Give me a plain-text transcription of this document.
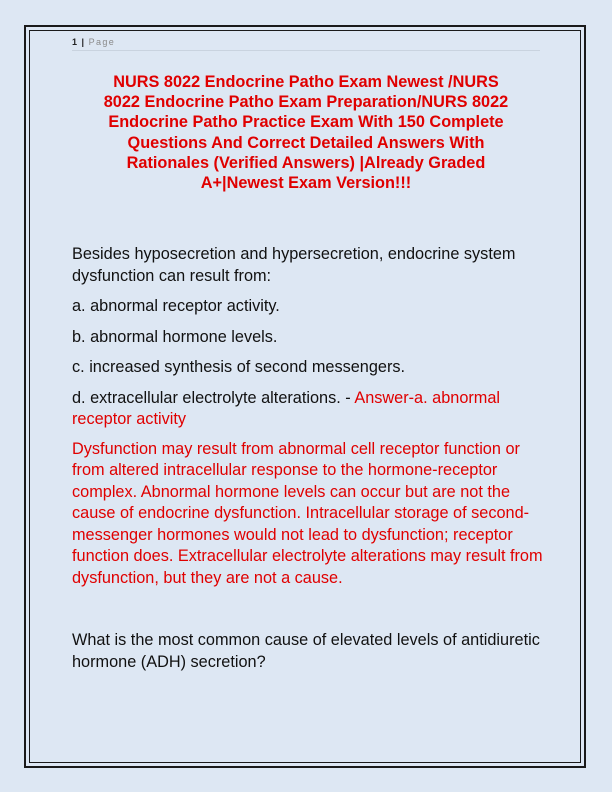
1 | Page
NURS 8022 Endocrine Patho Exam Newest /NURS
8022 Endocrine Patho Exam Preparation/NURS 8022
Endocrine Patho Practice Exam With 150 Complete
Questions And Correct Detailed Answers With
Rationales (Verified Answers) |Already Graded
A+|Newest Exam Version!!!

Besides hyposecretion and hypersecretion, endocrine system dysfunction can result from:

a. abnormal receptor activity.

b. abnormal hormone levels.

c. increased synthesis of second messengers.

d. extracellular electrolyte alterations. - Answer-a. abnormal receptor activity

Dysfunction may result from abnormal cell receptor function or from altered intracellular response to the hormone-receptor complex. Abnormal hormone levels can occur but are not the cause of endocrine dysfunction. Intracellular storage of second-messenger hormones would not lead to dysfunction; receptor function does. Extracellular electrolyte alterations may result from dysfunction, but they are not a cause.

What is the most common cause of elevated levels of antidiuretic hormone (ADH) secretion?
